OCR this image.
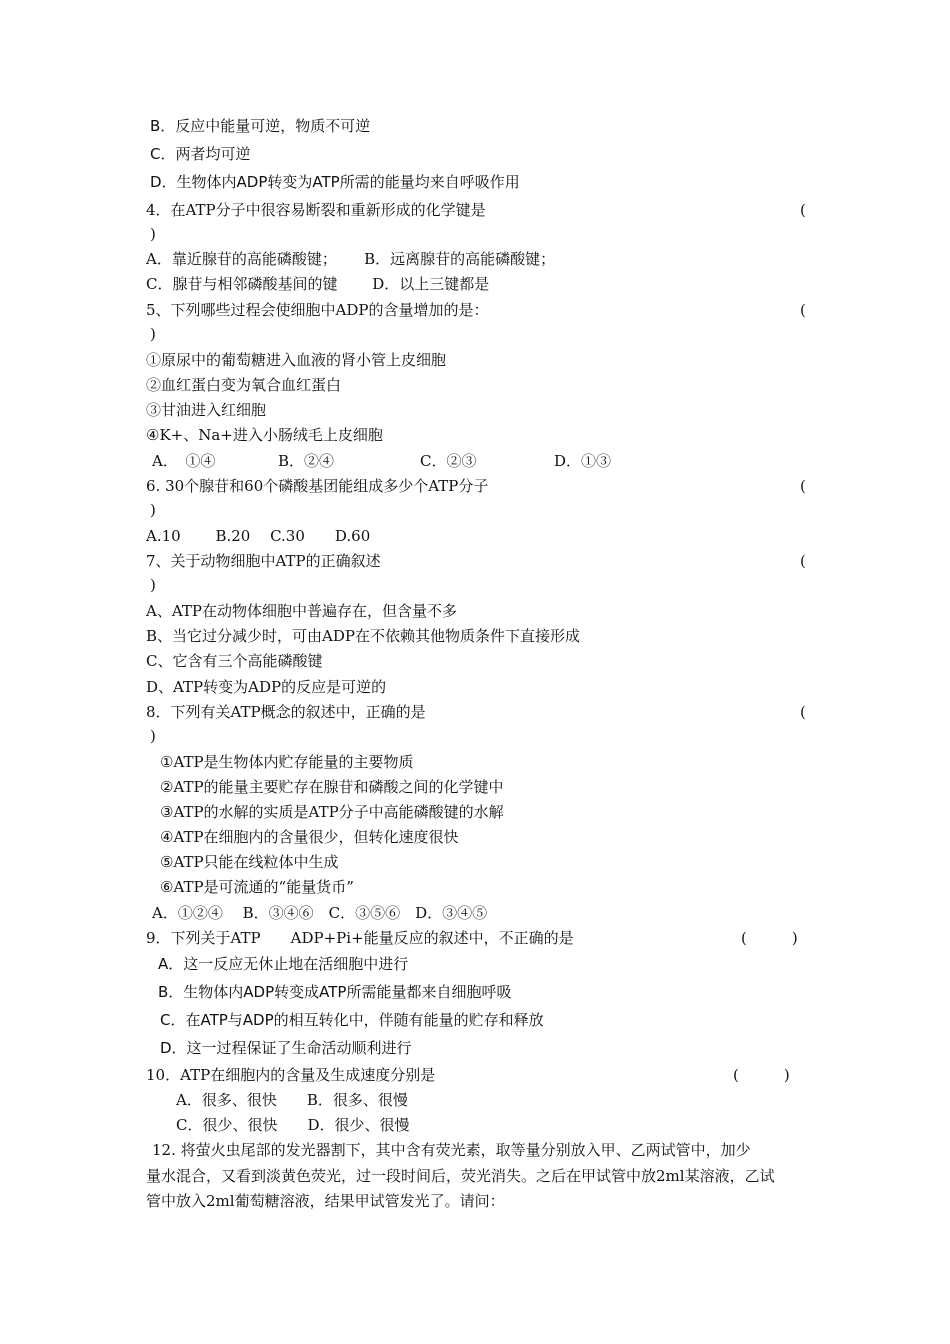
B．反应中能量可逆，物质不可逆
C．两者均可逆
D．生物体内ADP转变为ATP所需的能量均来自呼吸作用
4．在ATP分子中很容易断裂和重新形成的化学键是	(
)
A．靠近腺苷的高能磷酸键；　　 B．远离腺苷的高能磷酸键；
C．腺苷与相邻磷酸基间的键　　 D．以上三键都是
5、下列哪些过程会使细胞中ADP的含量增加的是：	(
)
①原尿中的葡萄糖进入血液的肾小管上皮细胞
②血红蛋白变为氧合血红蛋白
③甘油进入红细胞
④K+、Na+进入小肠绒毛上皮细胞
A．　①④	B．②④	C．②③	D．①③
6. 30个腺苷和60个磷酸基团能组成多少个ATP分子	(
)
A.10　　 B.20　 C.30　　D.60
7、关于动物细胞中ATP的正确叙述	(
)
A、ATP在动物体细胞中普遍存在，但含量不多
B、当它过分减少时，可由ADP在不依赖其他物质条件下直接形成
C、它含有三个高能磷酸键
D、ATP转变为ADP的反应是可逆的
8．下列有关ATP概念的叙述中，正确的是	(
)
①ATP是生物体内贮存能量的主要物质
②ATP的能量主要贮存在腺苷和磷酸之间的化学键中
③ATP的水解的实质是ATP分子中高能磷酸键的水解
④ATP在细胞内的含量很少，但转化速度很快
⑤ATP只能在线粒体中生成
⑥ATP是可流通的“能量货币”
A．①②④　 B．③④⑥　C．③⑤⑥　D．③④⑤
9．下列关于ATP　　ADP+Pi+能量反应的叙述中，不正确的是	(　　　)
A．这一反应无休止地在活细胞中进行
B．生物体内ADP转变成ATP所需能量都来自细胞呼吸
C．在ATP与ADP的相互转化中，伴随有能量的贮存和释放
D．这一过程保证了生命活动顺利进行
10．ATP在细胞内的含量及生成速度分别是	(　　　)
A．很多、很快　　B．很多、很慢
C．很少、很快　　D．很少、很慢
12. 将萤火虫尾部的发光器割下，其中含有荧光素，取等量分别放入甲、乙两试管中，加少
量水混合，又看到淡黄色荧光，过一段时间后，荧光消失。之后在甲试管中放2ml某溶液，乙试
管中放入2ml葡萄糖溶液，结果甲试管发光了。请问：
